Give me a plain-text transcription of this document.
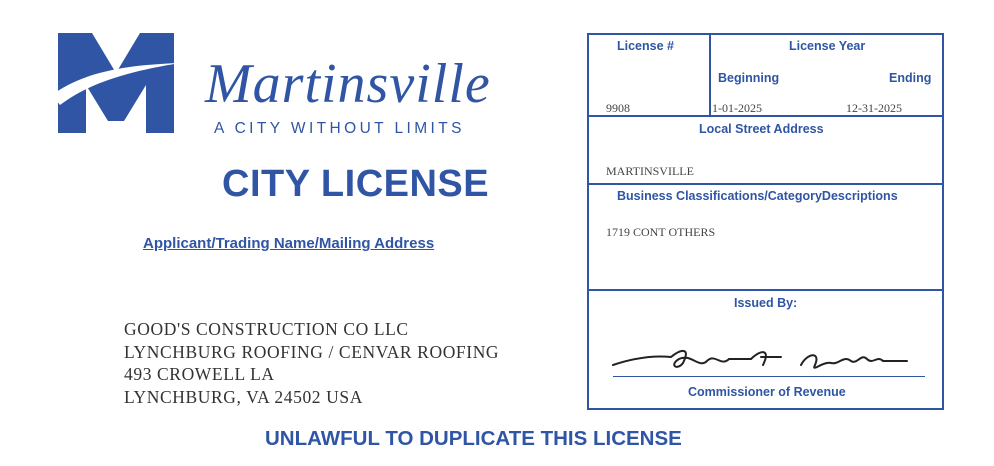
Martinsville
A CITY WITHOUT LIMITS
CITY LICENSE
Applicant/Trading Name/Mailing Address
GOOD'S CONSTRUCTION CO LLC
LYNCHBURG ROOFING / CENVAR ROOFING
493 CROWELL LA
LYNCHBURG, VA 24502 USA
UNLAWFUL TO DUPLICATE THIS LICENSE
License #
9908
License Year
Beginning	Ending
1-01-2025	12-31-2025
Local Street Address
MARTINSVILLE
Business Classifications/CategoryDescriptions
1719 CONT OTHERS
Issued By:
Commissioner of Revenue
